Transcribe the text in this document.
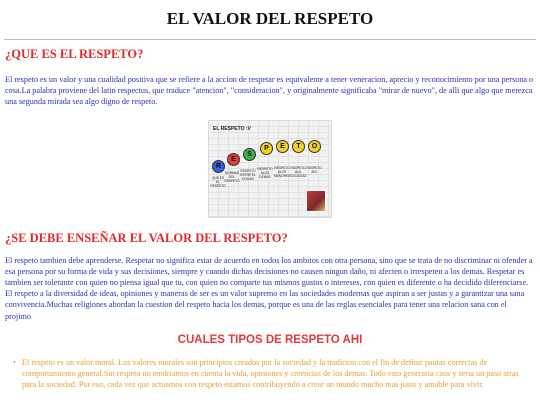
EL VALOR DEL RESPETO
¿QUE ES EL RESPETO?

El respeto es un valor y una cualidad positiva que se refiere a la accion de respetar es equivalente a tener veneracion, aprecio y reconocimiento por una persona o cosa.La palabra proviene del latin respectus, que traduce "atencion", "consideracion", y originalmente significaba "mirar de nuevo", de alli que algo que merezca una segunda mirada sea algo digno de respeto.

EL RESPETO :V
R
QUE ES EL RESPETO
E
NORMAS DEL RESPETO
S
RESPETO ENTRE EL HOGAR
P
RESPETO ALOS DEMAS
E
RESPETO ALOS MENORES
T
RESPETO ALA SOCIEDAD
O
RESPETO AHI
¿SE DEBE ENSEÑAR EL VALOR DEL RESPETO?

El respeto tambien debe aprenderse. Respetar no significa estar de acuerdo en todos los ambitos con otra persona, sino que se trata de no discriminar ni ofender a esa persona por su forma de vida y sus decisiones, siempre y cuando dichas decisiones no causen ningun daño, ni afecten o irrespeten a los demas. Respetar es tambien ser tolerante con quien no piensa igual que tu, con quien no comparte tus mismos gustos o intereses, con quien es diferente o ha decidido diferenciarse. El respeto a la diversidad de ideas, opiniones y maneras de ser es un valor supremo en las sociedades modernas que aspiran a ser justas y a garantizar una sana convivencia.Muchas religiones abordan la cuestion del respeto hacia los demas, porque es una de las reglas esenciales para tener una relacion sana con el projimo

CUALES TIPOS DE RESPETO AHI
• El respeto es un valor moral. Los valores morales son principios creados por la sociedad y la tradicion con el fin de definir pautas correctas de comportamiento general.Sin respeto no tendriamos en cuenta la vida, opiniones y creencias de los demas. Todo esto generaria caos y seria un paso atras para la sociedad. Por eso, cada vez que actuamos con respeto estamos contribuyendo a crear un mundo mucho mas justo y amable para vivir.
